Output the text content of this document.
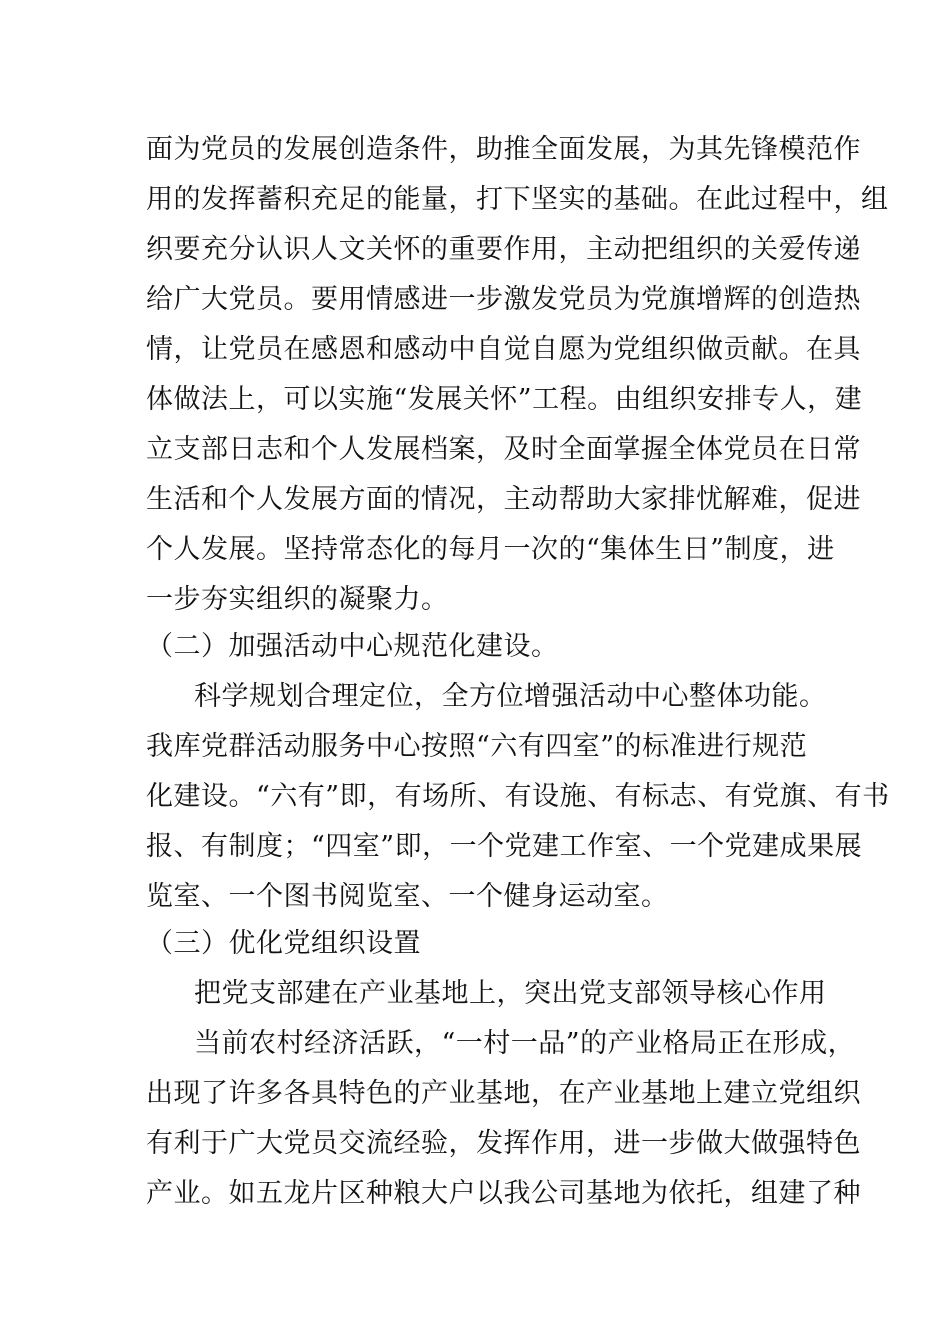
面为党员的发展创造条件，助推全面发展，为其先锋模范作
用的发挥蓄积充足的能量，打下坚实的基础。在此过程中，组
织要充分认识人文关怀的重要作用，主动把组织的关爱传递
给广大党员。要用情感进一步激发党员为党旗增辉的创造热
情，让党员在感恩和感动中自觉自愿为党组织做贡献。在具
体做法上，可以实施“发展关怀”工程。由组织安排专人，建
立支部日志和个人发展档案，及时全面掌握全体党员在日常
生活和个人发展方面的情况，主动帮助大家排忧解难，促进
个人发展。坚持常态化的每月一次的“集体生日”制度，进
一步夯实组织的凝聚力。
（二）加强活动中心规范化建设。
科学规划合理定位，全方位增强活动中心整体功能。
我库党群活动服务中心按照“六有四室”的标准进行规范
化建设。“六有”即，有场所、有设施、有标志、有党旗、有书
报、有制度；“四室”即，一个党建工作室、一个党建成果展
览室、一个图书阅览室、一个健身运动室。
（三）优化党组织设置
把党支部建在产业基地上，突出党支部领导核心作用
当前农村经济活跃，“一村一品”的产业格局正在形成，
出现了许多各具特色的产业基地，在产业基地上建立党组织
有利于广大党员交流经验，发挥作用，进一步做大做强特色
产业。如五龙片区种粮大户以我公司基地为依托，组建了种
